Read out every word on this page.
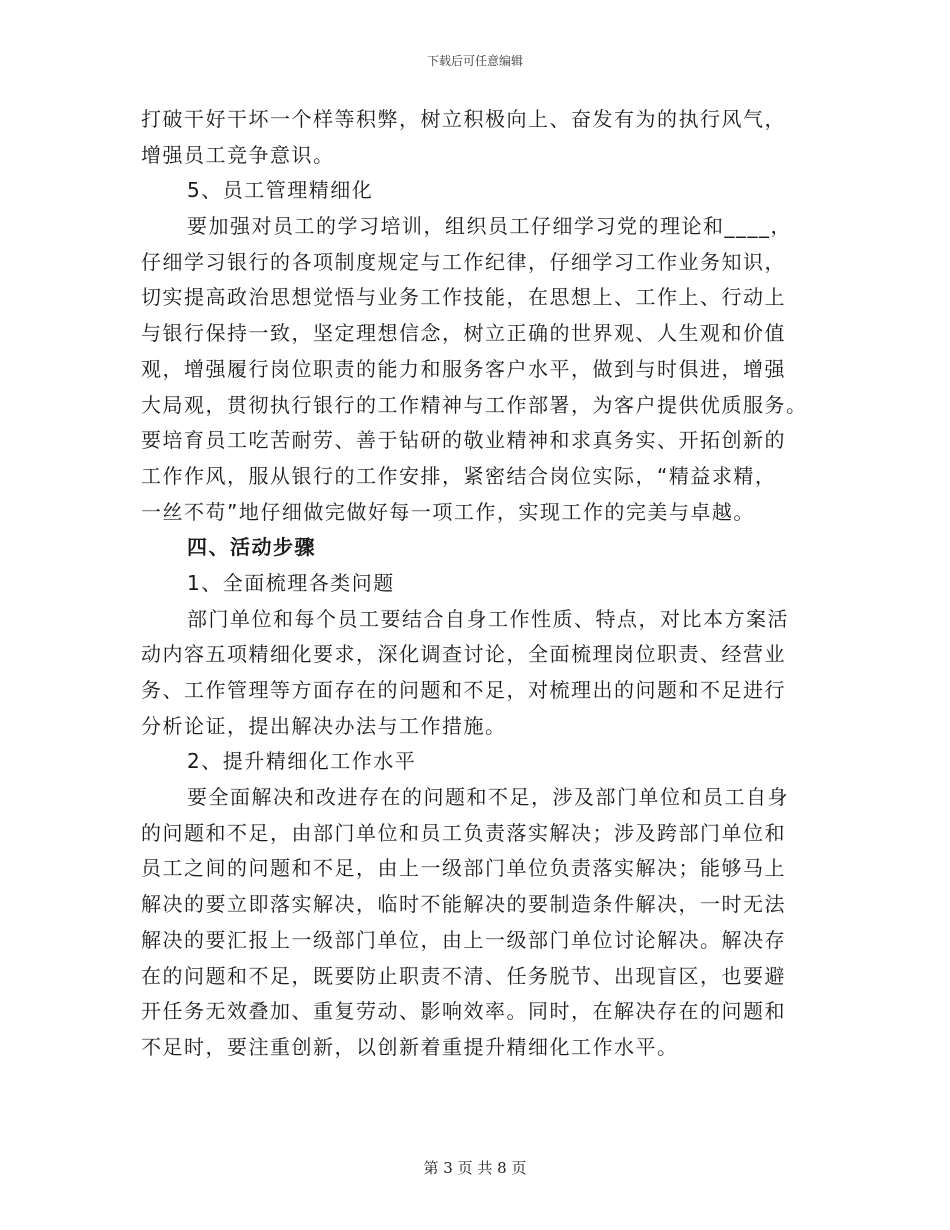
下载后可任意编辑
打破干好干坏一个样等积弊，树立积极向上、奋发有为的执行风气，
增强员工竞争意识。
5、员工管理精细化
要加强对员工的学习培训，组织员工仔细学习党的理论和____，
仔细学习银行的各项制度规定与工作纪律，仔细学习工作业务知识，
切实提高政治思想觉悟与业务工作技能，在思想上、工作上、行动上
与银行保持一致，坚定理想信念，树立正确的世界观、人生观和价值
观，增强履行岗位职责的能力和服务客户水平，做到与时俱进，增强
大局观，贯彻执行银行的工作精神与工作部署，为客户提供优质服务。
要培育员工吃苦耐劳、善于钻研的敬业精神和求真务实、开拓创新的
工作作风，服从银行的工作安排，紧密结合岗位实际，“精益求精，
一丝不苟”地仔细做完做好每一项工作，实现工作的完美与卓越。
四、活动步骤
1、全面梳理各类问题
部门单位和每个员工要结合自身工作性质、特点，对比本方案活
动内容五项精细化要求，深化调查讨论，全面梳理岗位职责、经营业
务、工作管理等方面存在的问题和不足，对梳理出的问题和不足进行
分析论证，提出解决办法与工作措施。
2、提升精细化工作水平
要全面解决和改进存在的问题和不足，涉及部门单位和员工自身
的问题和不足，由部门单位和员工负责落实解决；涉及跨部门单位和
员工之间的问题和不足，由上一级部门单位负责落实解决；能够马上
解决的要立即落实解决，临时不能解决的要制造条件解决，一时无法
解决的要汇报上一级部门单位，由上一级部门单位讨论解决。解决存
在的问题和不足，既要防止职责不清、任务脱节、出现盲区，也要避
开任务无效叠加、重复劳动、影响效率。同时，在解决存在的问题和
不足时，要注重创新，以创新着重提升精细化工作水平。
第 3 页 共 8 页
